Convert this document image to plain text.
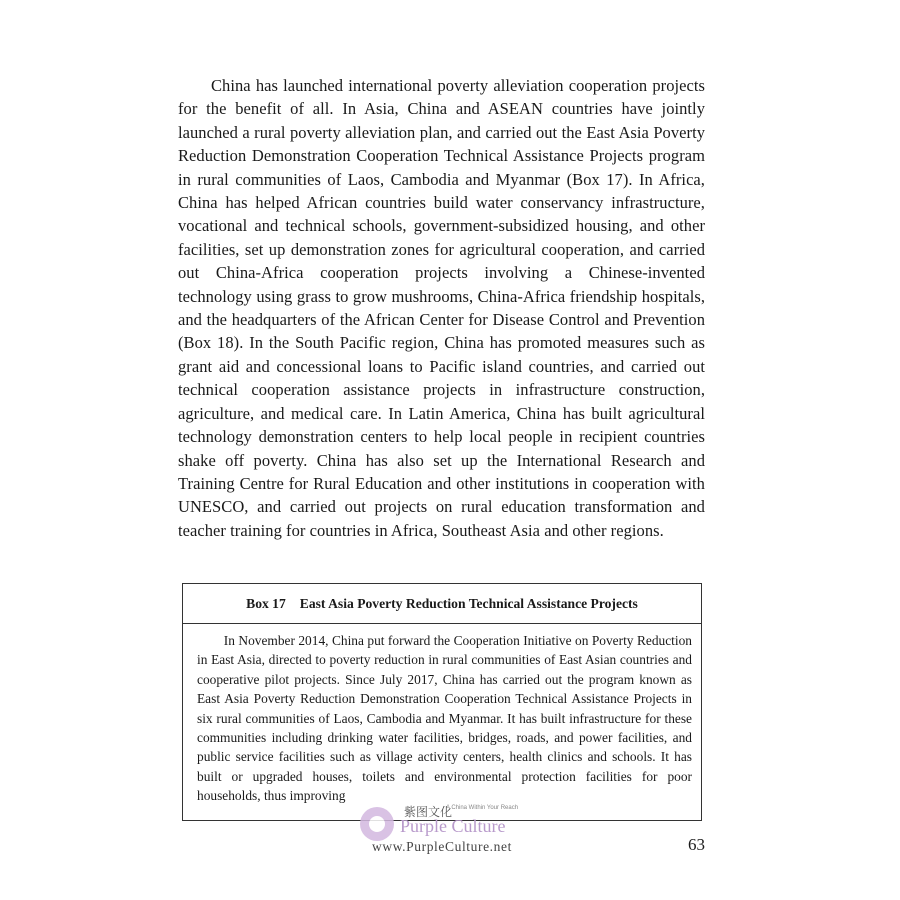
China has launched international poverty alleviation cooperation projects for the benefit of all. In Asia, China and ASEAN countries have jointly launched a rural poverty alleviation plan, and carried out the East Asia Poverty Reduction Demonstration Cooperation Technical Assistance Projects program in rural communities of Laos, Cambodia and Myanmar (Box 17). In Africa, China has helped African countries build water conservancy infrastructure, vocational and technical schools, government-subsidized housing, and other facilities, set up demonstration zones for agricultural cooperation, and carried out China-Africa cooperation projects involving a Chinese-invented technology using grass to grow mushrooms, China-Africa friendship hospitals, and the headquarters of the African Center for Disease Control and Prevention (Box 18). In the South Pacific region, China has promoted measures such as grant aid and concessional loans to Pacific island countries, and carried out technical cooperation assistance projects in infrastructure construction, agriculture, and medical care. In Latin America, China has built agricultural technology demonstration centers to help local people in recipient countries shake off poverty. China has also set up the International Research and Training Centre for Rural Education and other institutions in cooperation with UNESCO, and carried out projects on rural education transformation and teacher training for countries in Africa, Southeast Asia and other regions.

Box 17 East Asia Poverty Reduction Technical Assistance Projects

In November 2014, China put forward the Cooperation Initiative on Poverty Reduction in East Asia, directed to poverty reduction in rural communities of East Asian countries and cooperative pilot projects. Since July 2017, China has carried out the program known as East Asia Poverty Reduction Demonstration Cooperation Technical Assistance Projects in six rural communities of Laos, Cambodia and Myanmar. It has built infrastructure for these communities including drinking water facilities, bridges, roads, and power facilities, and public service facilities such as village activity centers, health clinics and schools. It has built or upgraded houses, toilets and environmental protection facilities for poor households, thus improving

紫图文化
A China Within Your Reach
Purple Culture
www.PurpleCulture.net	63
